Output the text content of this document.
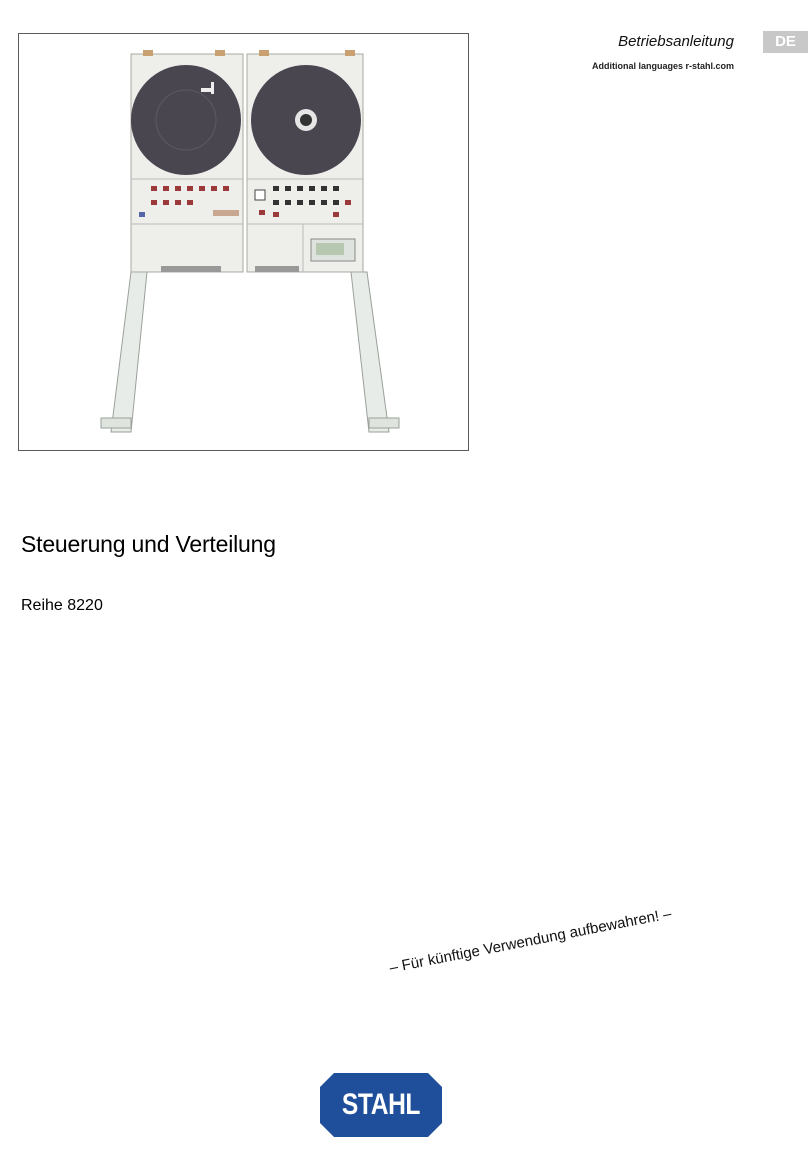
Betriebsanleitung	DE
Additional languages r-stahl.com
Steuerung und Verteilung
Reihe 8220
– Für künftige Verwendung aufbewahren! –
STAHL
